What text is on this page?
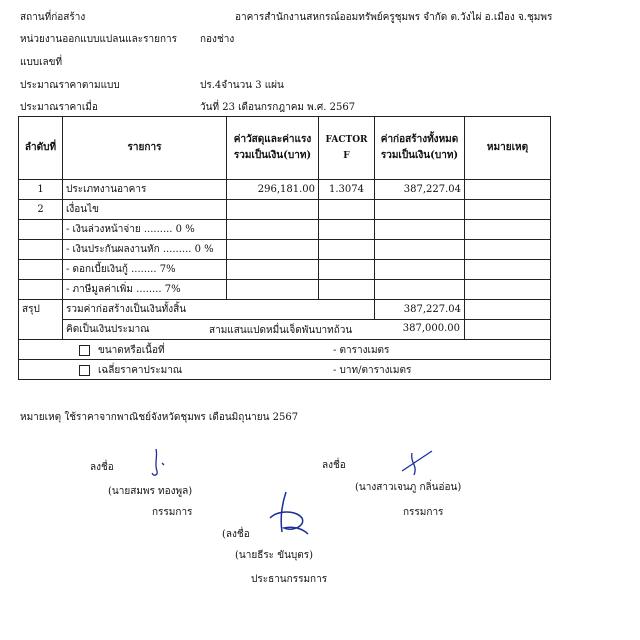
สถานที่ก่อสร้าง	อาคารสำนักงานสหกรณ์ออมทรัพย์ครูชุมพร จำกัด ต.วังไผ่ อ.เมือง จ.ชุมพร
หน่วยงานออกแบบแปลนและรายการ กองช่าง
แบบเลขที่
ประมาณราคาตามแบบ	ปร.4จำนวน 3 แผ่น
ประมาณราคาเมื่อ	วันที่ 23 เดือนกรกฎาคม พ.ศ. 2567
ลำดับที่	รายการ	ค่าวัสดุและค่าแรงรวมเป็นเงิน(บาท)	FACTOR F	ค่าก่อสร้างทั้งหมดรวมเป็นเงิน(บาท)	หมายเหตุ
1	ประเภทงานอาคาร	296,181.00	1.3074	387,227.04	
2	เงื่อนไข				
	- เงินล่วงหน้าจ่าย ......... 0 %				
	- เงินประกันผลงานหัก ......... 0 %				
	- ดอกเบี้ยเงินกู้ ........ 7%				
	- ภาษีมูลค่าเพิ่ม ........ 7%				
สรุป	รวมค่าก่อสร้างเป็นเงินทั้งสิ้น			387,227.04	
	คิดเป็นเงินประมาณ สามแสนแปดหมื่นเจ็ดพันบาทถ้วน 387,000.00				

ขนาดหรือเนื้อที่ - ตารางเมตร					

เฉลี่ยราคาประมาณ - บาท/ตารางเมตร					
หมายเหตุ ใช้ราคาจากพาณิชย์จังหวัดชุมพร เดือนมิถุนายน 2567
ลงชื่อ
(นายสมพร ทองพูล)
กรรมการ
ลงชื่อ
(นางสาวเจนภู กลิ่นอ่อน)
กรรมการ
(ลงชื่อ
(นายธีระ ขันบุตร)
ประธานกรรมการ
